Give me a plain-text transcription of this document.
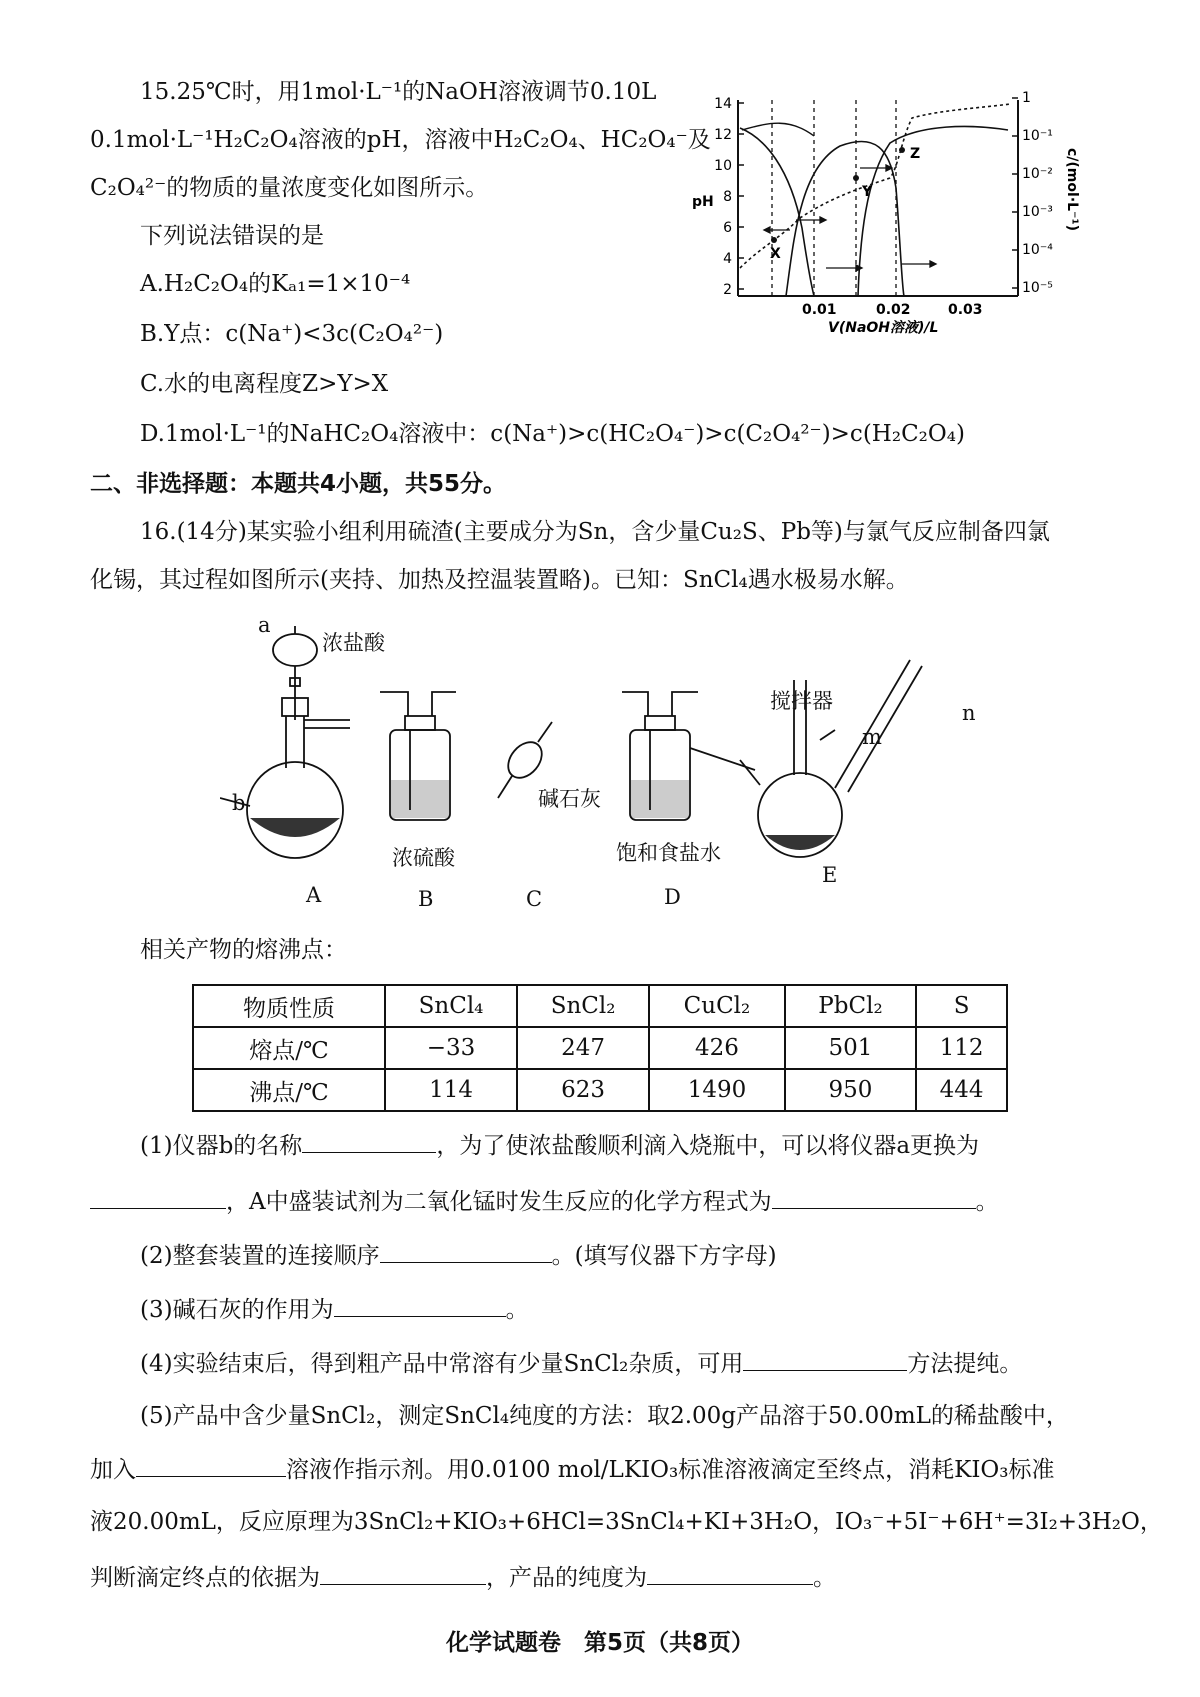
15.25℃时，用1mol·L⁻¹的NaOH溶液调节0.10L
0.1mol·L⁻¹H₂C₂O₄溶液的pH，溶液中H₂C₂O₄、HC₂O₄⁻及
C₂O₄²⁻的物质的量浓度变化如图所示。
下列说法错误的是
A.H₂C₂O₄的Kₐ₁=1×10⁻⁴
B.Y点：c(Na⁺)<3c(C₂O₄²⁻)
C.水的电离程度Z>Y>X
D.1mol·L⁻¹的NaHC₂O₄溶液中：c(Na⁺)>c(HC₂O₄⁻)>c(C₂O₄²⁻)>c(H₂C₂O₄)
14
12
10
8
6
4
2
pH
1
10⁻¹
10⁻²
10⁻³
10⁻⁴
10⁻⁵
c/(mol·L⁻¹)
0.01	0.02	0.03
V(NaOH溶液)/L
X
Y
Z
二、非选择题：本题共4小题，共55分。
16.(14分)某实验小组利用硫渣(主要成分为Sn，含少量Cu₂S、Pb等)与氯气反应制备四氯
化锡，其过程如图所示(夹持、加热及控温装置略)。已知：SnCl₄遇水极易水解。
a
浓盐酸
b
浓硫酸
碱石灰
饱和食盐水
搅拌器
m
n
A	B	C	D
E
相关产物的熔沸点：
物质性质	SnCl₄	SnCl₂	CuCl₂	PbCl₂	S
熔点/℃	−33	247	426	501	112
沸点/℃	114	623	1490	950	444
(1)仪器b的名称	，为了使浓盐酸顺利滴入烧瓶中，可以将仪器a更换为
，A中盛装试剂为二氧化锰时发生反应的化学方程式为	。
(2)整套装置的连接顺序	。(填写仪器下方字母)
(3)碱石灰的作用为	。
(4)实验结束后，得到粗产品中常溶有少量SnCl₂杂质，可用	方法提纯。
(5)产品中含少量SnCl₂，测定SnCl₄纯度的方法：取2.00g产品溶于50.00mL的稀盐酸中，
加入	溶液作指示剂。用0.0100 mol/LKIO₃标准溶液滴定至终点，消耗KIO₃标准
液20.00mL，反应原理为3SnCl₂+KIO₃+6HCl=3SnCl₄+KI+3H₂O，IO₃⁻+5I⁻+6H⁺=3I₂+3H₂O，
判断滴定终点的依据为	，产品的纯度为	。
化学试题卷　第5页（共8页）
